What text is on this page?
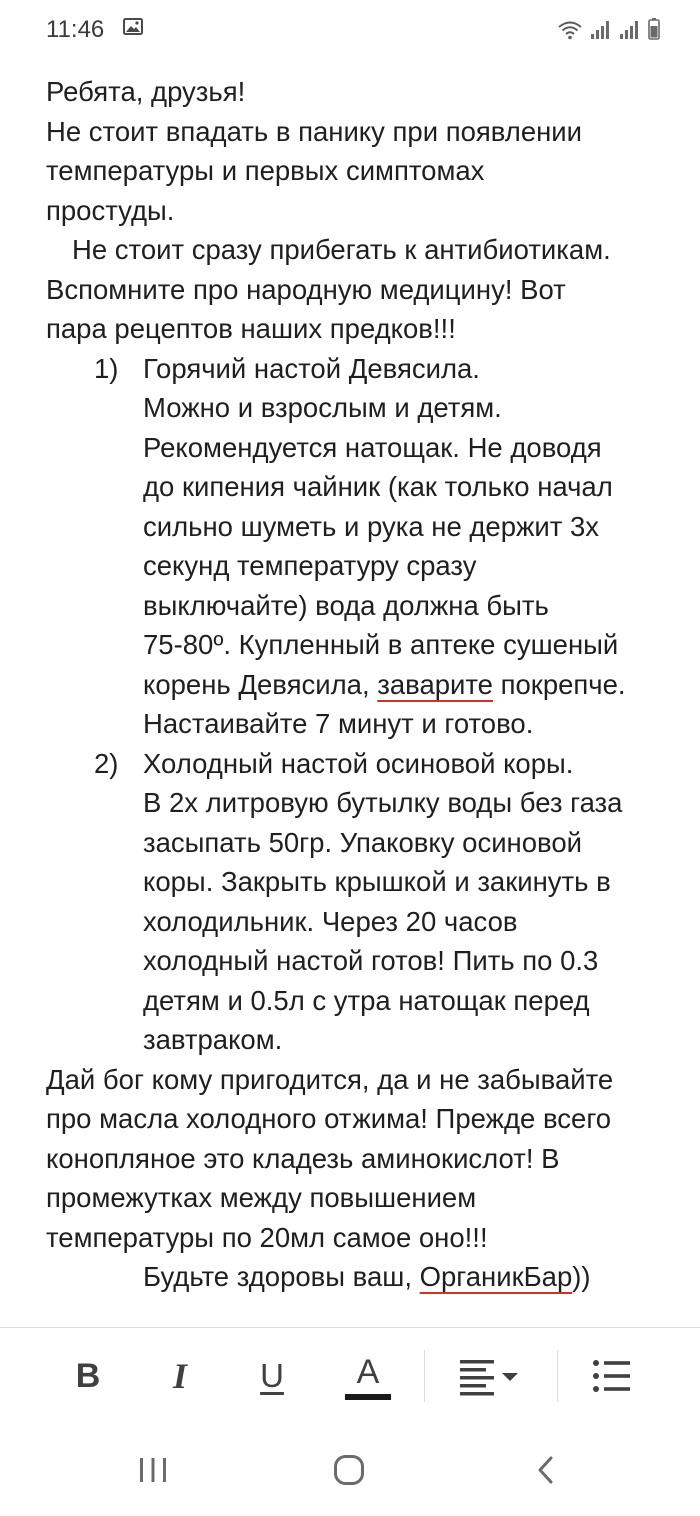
11:46
Ребята, друзья!
Не стоит впадать в панику при появлении
температуры и первых симптомах
простуды.
Не стоит сразу прибегать к антибиотикам.
Вспомните про народную медицину! Вот
пара рецептов наших предков!!!
1) Горячий настой Девясила.
Можно и взрослым и детям.
Рекомендуется натощак. Не доводя
до кипения чайник (как только начал
сильно шуметь и рука не держит 3х
секунд температуру сразу
выключайте) вода должна быть
75-80º. Купленный в аптеке сушеный
корень Девясила, заварите покрепче.
Настаивайте 7 минут и готово.
2) Холодный настой осиновой коры.
В 2х литровую бутылку воды без газа
засыпать 50гр. Упаковку осиновой
коры. Закрыть крышкой и закинуть в
холодильник. Через 20 часов
холодный настой готов! Пить по 0.3
детям и 0.5л с утра натощак перед
завтраком.
Дай бог кому пригодится, да и не забывайте
про масла холодного отжима! Прежде всего
конопляное это кладезь аминокислот! В
промежутках между повышением
температуры по 20мл самое оно!!!
Будьте здоровы ваш, ОрганикБар))
B	I	U A
